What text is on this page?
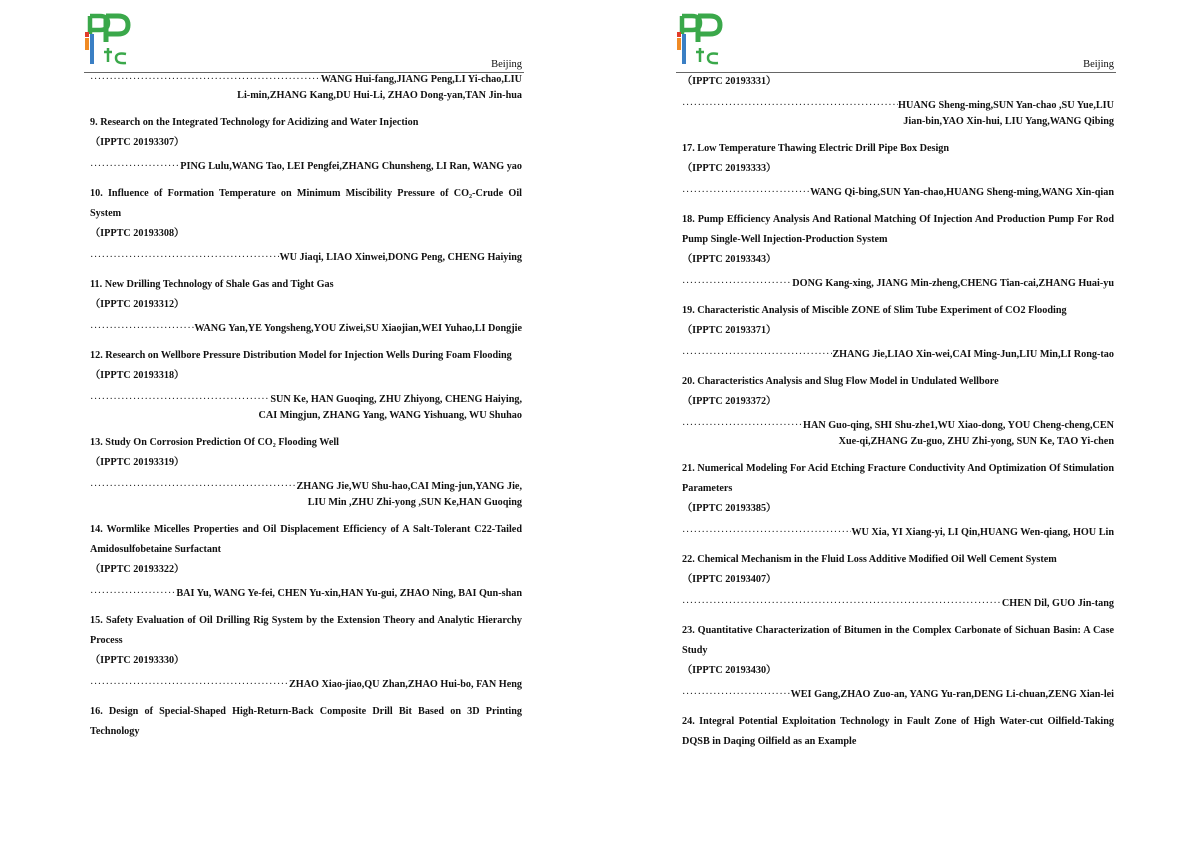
Beijing
·····
WANG Hui-fang,JIANG Peng,LI Yi-chao,LIU
Li-min,ZHANG Kang,DU Hui-Li, ZHAO Dong-yan,TAN Jin-hua
9. Research on the Integrated Technology for Acidizing and Water Injection
（IPPTC 20193307）
·····
PING Lulu,WANG Tao, LEI Pengfei,ZHANG Chunsheng, LI Ran, WANG yao
10. Influence of Formation Temperature on Minimum Miscibility Pressure of CO₂-Crude Oil System
（IPPTC 20193308）
·····
WU Jiaqi, LIAO Xinwei,DONG Peng, CHENG Haiying
11. New Drilling Technology of Shale Gas and Tight Gas
（IPPTC 20193312）
·····
WANG Yan,YE Yongsheng,YOU Ziwei,SU Xiaojian,WEI Yuhao,LI Dongjie
12. Research on Wellbore Pressure Distribution Model for Injection Wells During Foam Flooding
（IPPTC 20193318）
·····
SUN Ke, HAN Guoqing, ZHU Zhiyong, CHENG Haiying,
CAI Mingjun, ZHANG Yang, WANG Yishuang, WU Shuhao
13. Study On Corrosion Prediction Of CO₂ Flooding Well
（IPPTC 20193319）
·····
ZHANG Jie,WU Shu-hao,CAI Ming-jun,YANG Jie,
LIU Min ,ZHU Zhi-yong ,SUN Ke,HAN Guoqing
14. Wormlike Micelles Properties and Oil Displacement Efficiency of A Salt-Tolerant C22-Tailed Amidosulfobetaine Surfactant
（IPPTC 20193322）
·····
BAI Yu, WANG Ye-fei, CHEN Yu-xin,HAN Yu-gui, ZHAO Ning, BAI Qun-shan
15. Safety Evaluation of Oil Drilling Rig System by the Extension Theory and Analytic Hierarchy Process
（IPPTC 20193330）
·····
ZHAO Xiao-jiao,QU Zhan,ZHAO Hui-bo, FAN Heng
16. Design of Special-Shaped High-Return-Back Composite Drill Bit Based on 3D Printing Technology
Beijing
（IPPTC 20193331）
·····
HUANG Sheng-ming,SUN Yan-chao ,SU Yue,LIU
Jian-bin,YAO Xin-hui, LIU Yang,WANG Qibing
17. Low Temperature Thawing Electric Drill Pipe Box Design
（IPPTC 20193333）
·····
WANG Qi-bing,SUN Yan-chao,HUANG Sheng-ming,WANG Xin-qian
18. Pump Efficiency Analysis And Rational Matching Of Injection And Production Pump For Rod Pump Single-Well Injection-Production System
（IPPTC 20193343）
·····
DONG Kang-xing, JIANG Min-zheng,CHENG Tian-cai,ZHANG Huai-yu
19. Characteristic Analysis of Miscible ZONE of Slim Tube Experiment of CO2 Flooding
（IPPTC 20193371）
·····
ZHANG Jie,LIAO Xin-wei,CAI Ming-Jun,LIU Min,LI Rong-tao
20. Characteristics Analysis and Slug Flow Model in Undulated Wellbore
（IPPTC 20193372）
·····
HAN Guo-qing, SHI Shu-zhe1,WU Xiao-dong, YOU Cheng-cheng,CEN
Xue-qi,ZHANG Zu-guo, ZHU Zhi-yong, SUN Ke, TAO Yi-chen
21. Numerical Modeling For Acid Etching Fracture Conductivity And Optimization Of Stimulation Parameters
（IPPTC 20193385）
·····
WU Xia, YI Xiang-yi, LI Qin,HUANG Wen-qiang, HOU Lin
22. Chemical Mechanism in the Fluid Loss Additive Modified Oil Well Cement System
（IPPTC 20193407）
·····
CHEN Dil, GUO Jin-tang
23. Quantitative Characterization of Bitumen in the Complex Carbonate of Sichuan Basin: A Case Study
（IPPTC 20193430）
·····
WEI Gang,ZHAO Zuo-an, YANG Yu-ran,DENG Li-chuan,ZENG Xian-lei
24. Integral Potential Exploitation Technology in Fault Zone of High Water-cut Oilfield-Taking DQSB in Daqing Oilfield as an Example
